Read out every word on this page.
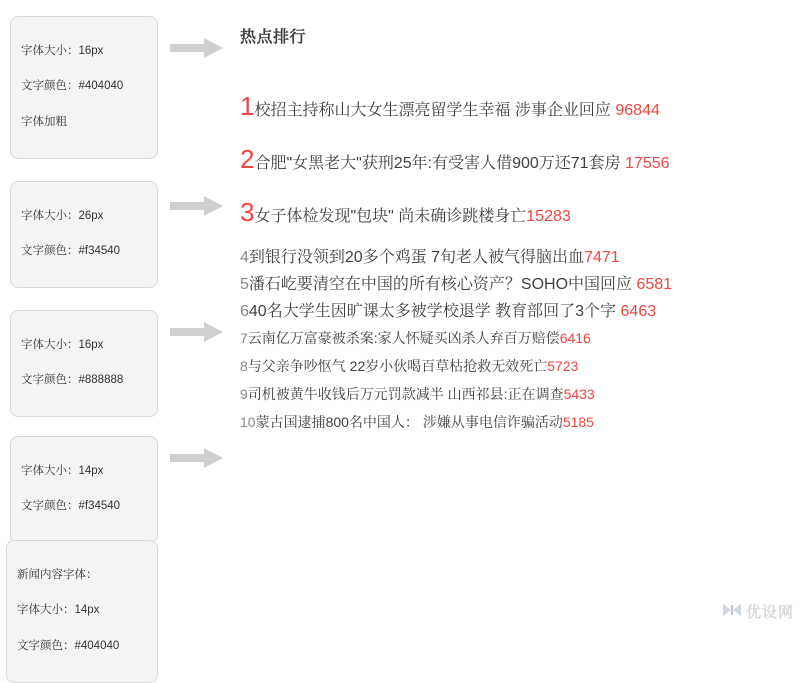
字体大小：16px

文字颜色：#404040

字体加粗

字体大小：26px

文字颜色：#f34540

字体大小：16px

文字颜色：#888888

字体大小：14px

文字颜色：#f34540

新闻内容字体：

字体大小：14px

文字颜色：#404040

热点排行
1校招主持称山大女生漂亮留学生幸福 涉事企业回应 96844
2合肥"女黑老大"获刑25年:有受害人借900万还71套房 17556
3女子体检发现"包块" 尚未确诊跳楼身亡15283
4到银行没领到20多个鸡蛋 7旬老人被气得脑出血7471
5潘石屹要清空在中国的所有核心资产？SOHO中国回应 6581
640名大学生因旷课太多被学校退学 教育部回了3个字 6463
7云南亿万富豪被杀案:家人怀疑买凶杀人弃百万赔偿6416
8与父亲争吵怄气 22岁小伙喝百草枯抢救无效死亡5723
9司机被黄牛收钱后万元罚款减半 山西祁县:正在调查5433
10蒙古国逮捕800名中国人： 涉嫌从事电信诈骗活动5185
优设网
